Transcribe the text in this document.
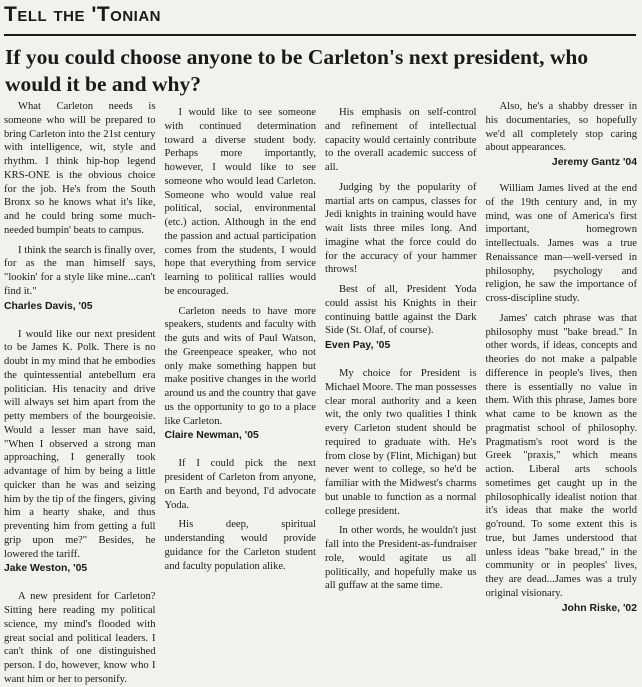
Tell the 'Tonian
If you could choose anyone to be Carleton's next president, who would it be and why?

What Carleton needs is someone who will be prepared to bring Carleton into the 21st century with intelligence, wit, style and rhythm. I think hip-hop legend KRS-ONE is the obvious choice for the job. He's from the South Bronx so he knows what it's like, and he could bring some much-needed bumpin' beats to campus.

I think the search is finally over, for as the man himself says, "lookin' for a style like mine...can't find it."

Charles Davis, '05

I would like our next president to be James K. Polk. There is no doubt in my mind that he embodies the quintessential antebellum era politician. His tenacity and drive will always set him apart from the petty members of the bourgeoisie. Would a lesser man have said, "When I observed a strong man approaching, I generally took advantage of him by being a little quicker than he was and seizing him by the tip of the fingers, giving him a hearty shake, and thus preventing him from getting a full grip upon me?" Besides, he lowered the tariff.

Jake Weston, '05

A new president for Carleton? Sitting here reading my political science, my mind's flooded with great social and political leaders. I can't think of one distinguished person. I do, however, know who I want him or her to personify.

I would like to see someone with continued determination toward a diverse student body. Perhaps more importantly, however, I would like to see someone who would lead Carleton. Someone who would value real political, social, environmental (etc.) action. Although in the end the passion and actual participation comes from the students, I would hope that everything from service learning to political rallies would be encouraged.

Carleton needs to have more speakers, students and faculty with the guts and wits of Paul Watson, the Greenpeace speaker, who not only make something happen but make positive changes in the world around us and the country that gave us the opportunity to go to a place like Carleton.

Claire Newman, '05

If I could pick the next president of Carleton from anyone, on Earth and beyond, I'd advocate Yoda.

His deep, spiritual understanding would provide guidance for the Carleton student and faculty population alike.

His emphasis on self-control and refinement of intellectual capacity would certainly contribute to the overall academic success of all.

Judging by the popularity of martial arts on campus, classes for Jedi knights in training would have wait lists three miles long. And imagine what the force could do for the accuracy of your hammer throws!

Best of all, President Yoda could assist his Knights in their continuing battle against the Dark Side (St. Olaf, of course).

Even Pay, '05

My choice for President is Michael Moore. The man possesses clear moral authority and a keen wit, the only two qualities I think every Carleton student should be required to graduate with. He's from close by (Flint, Michigan) but never went to college, so he'd be familiar with the Midwest's charms but unable to function as a normal college president.

In other words, he wouldn't just fall into the President-as-fundraiser role, would agitate us all politically, and hopefully make us all guffaw at the same time.

Also, he's a shabby dresser in his documentaries, so hopefully we'd all completely stop caring about appearances.

Jeremy Gantz '04

William James lived at the end of the 19th century and, in my mind, was one of America's first important, homegrown intellectuals. James was a true Renaissance man—well-versed in philosophy, psychology and religion, he saw the importance of cross-discipline study.

James' catch phrase was that philosophy must "bake bread." In other words, if ideas, concepts and theories do not make a palpable difference in people's lives, then there is essentially no value in them. With this phrase, James bore what came to be known as the pragmatist school of philosophy. Pragmatism's root word is the Greek "praxis," which means action. Liberal arts schools sometimes get caught up in the philosophically idealist notion that it's ideas that make the world go'round. To some extent this is true, but James understood that unless ideas "bake bread," in the community or in peoples' lives, they are dead...James was a truly original visionary.

John Riske, '02
